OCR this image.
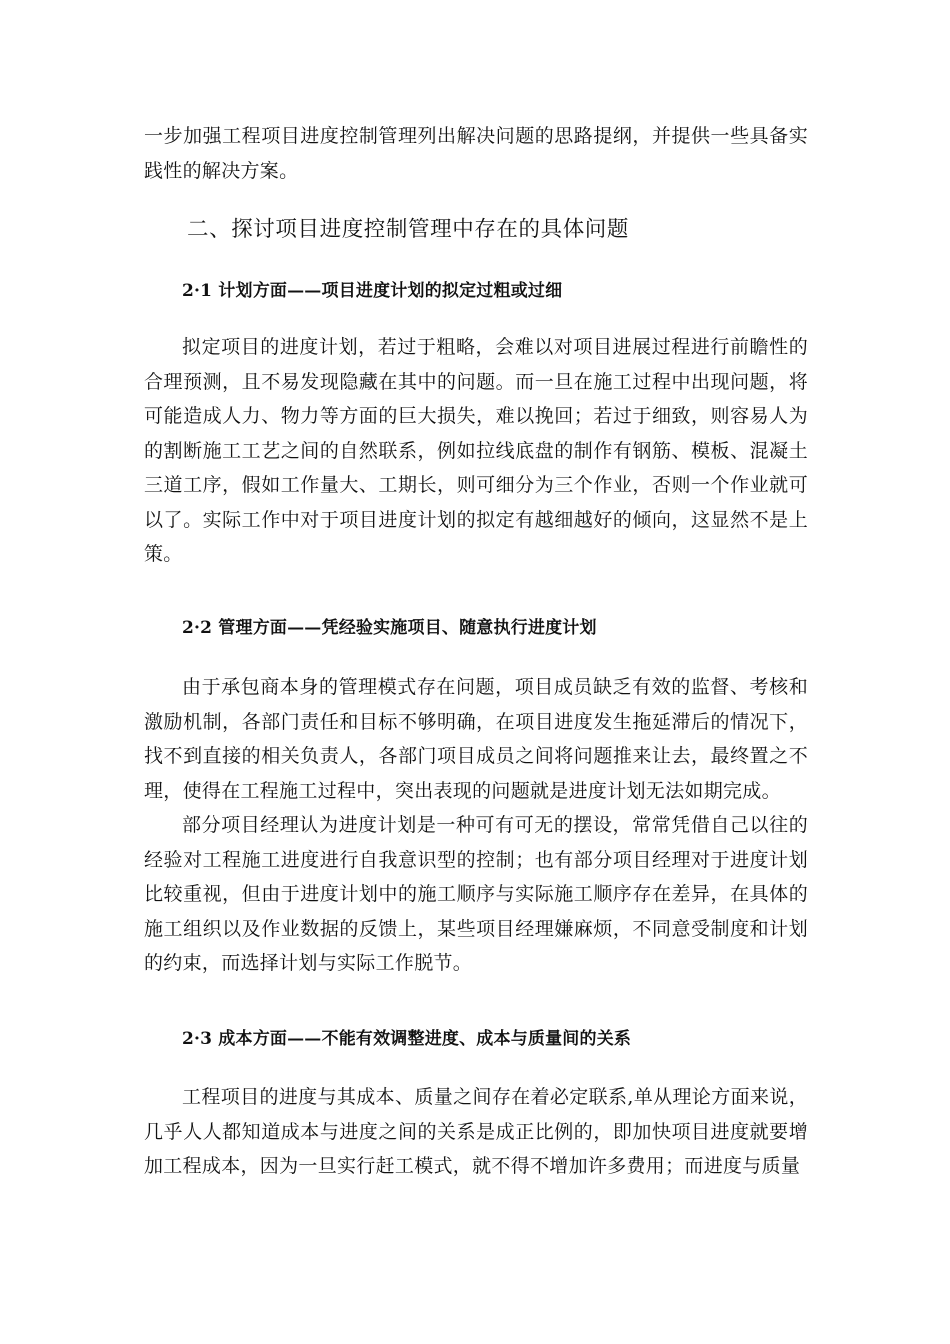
一步加强工程项目进度控制管理列出解决问题的思路提纲，并提供一些具备实践性的解决方案。

二、探讨项目进度控制管理中存在的具体问题
2·1 计划方面——项目进度计划的拟定过粗或过细

拟定项目的进度计划，若过于粗略，会难以对项目进展过程进行前瞻性的合理预测，且不易发现隐藏在其中的问题。而一旦在施工过程中出现问题，将可能造成人力、物力等方面的巨大损失，难以挽回；若过于细致，则容易人为的割断施工工艺之间的自然联系，例如拉线底盘的制作有钢筋、模板、混凝土三道工序，假如工作量大、工期长，则可细分为三个作业，否则一个作业就可以了。实际工作中对于项目进度计划的拟定有越细越好的倾向，这显然不是上策。

2·2 管理方面——凭经验实施项目、随意执行进度计划

由于承包商本身的管理模式存在问题，项目成员缺乏有效的监督、考核和激励机制，各部门责任和目标不够明确，在项目进度发生拖延滞后的情况下，找不到直接的相关负责人，各部门项目成员之间将问题推来让去，最终置之不理，使得在工程施工过程中，突出表现的问题就是进度计划无法如期完成。

部分项目经理认为进度计划是一种可有可无的摆设，常常凭借自己以往的经验对工程施工进度进行自我意识型的控制；也有部分项目经理对于进度计划比较重视，但由于进度计划中的施工顺序与实际施工顺序存在差异，在具体的施工组织以及作业数据的反馈上，某些项目经理嫌麻烦，不同意受制度和计划的约束，而选择计划与实际工作脱节。

2·3 成本方面——不能有效调整进度、成本与质量间的关系

工程项目的进度与其成本、质量之间存在着必定联系,单从理论方面来说，几乎人人都知道成本与进度之间的关系是成正比例的，即加快项目进度就要增加工程成本，因为一旦实行赶工模式，就不得不增加许多费用；而进度与质量
